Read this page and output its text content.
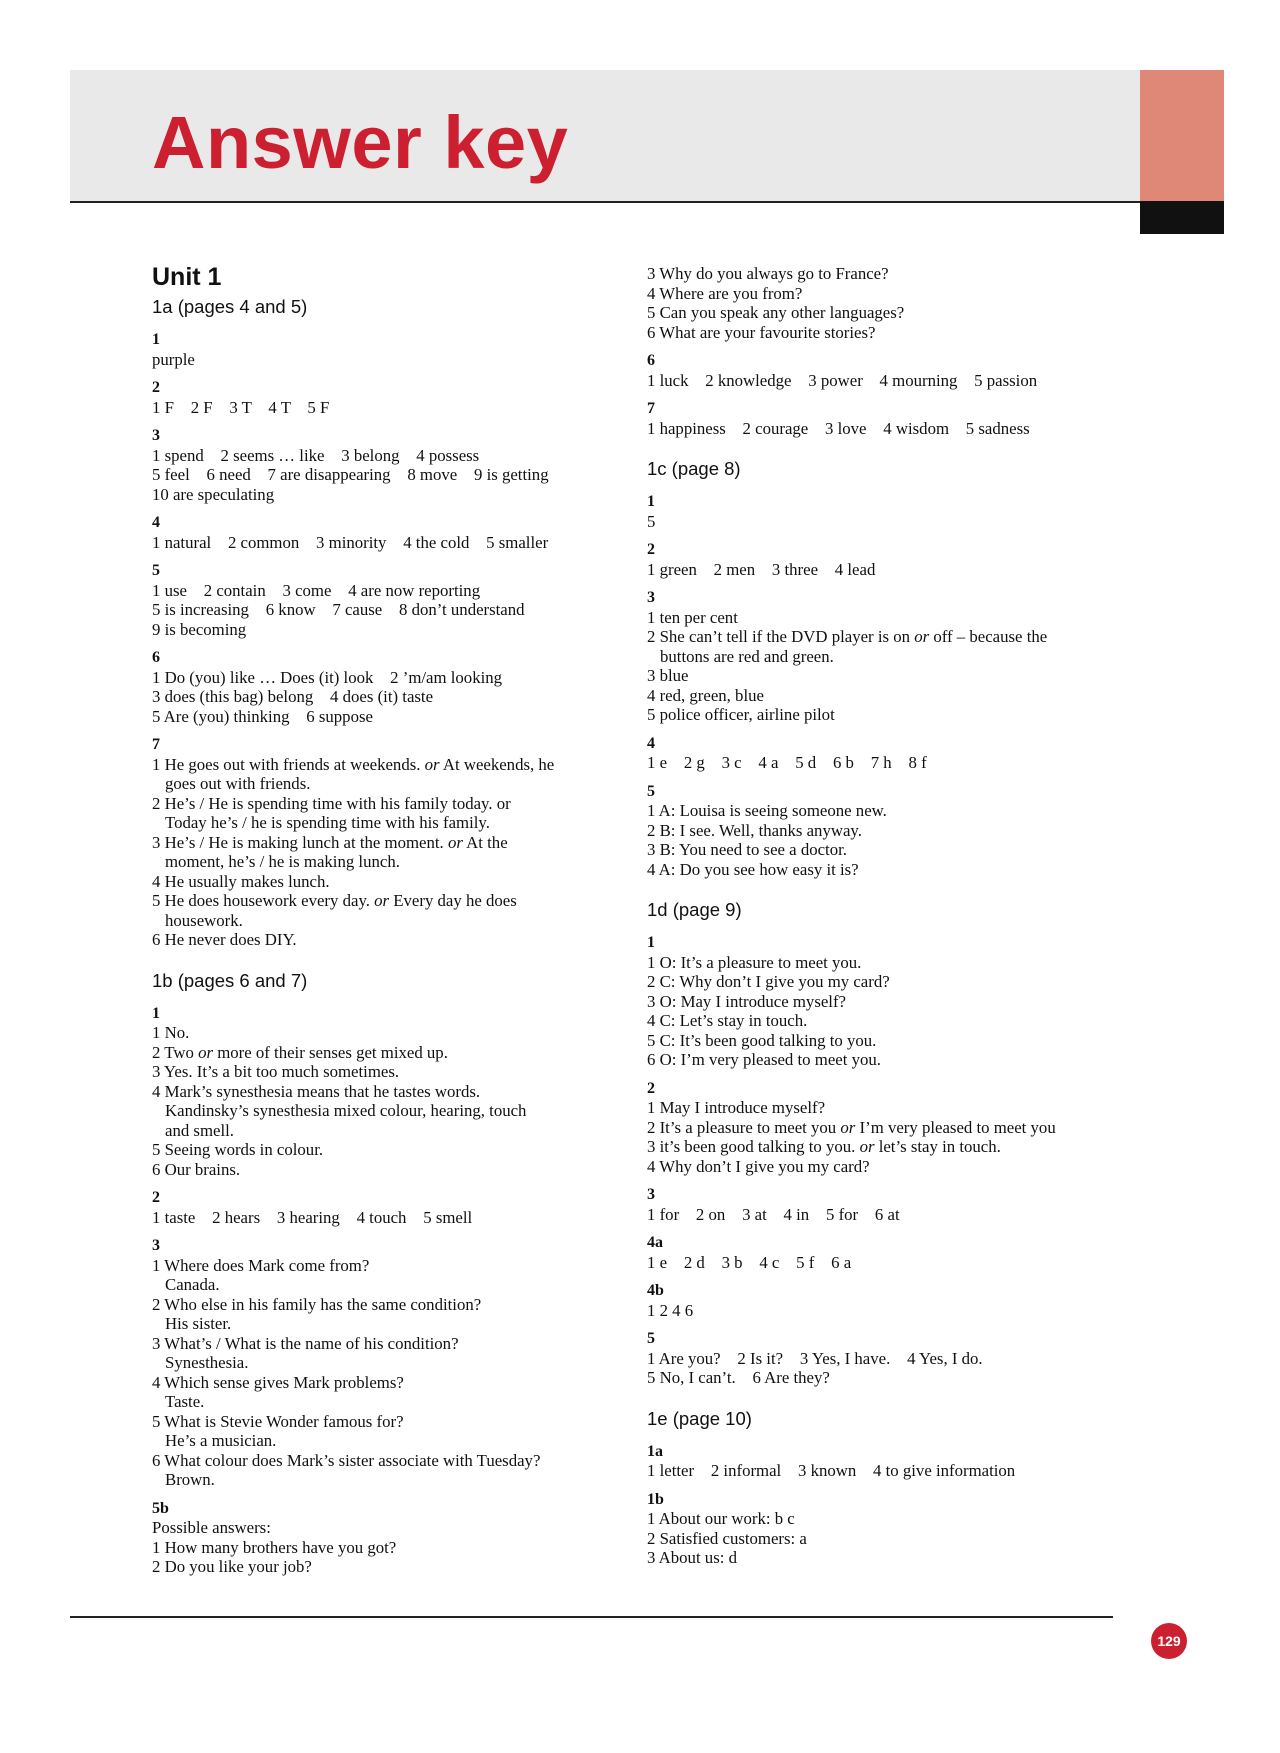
Answer key
Unit 1
1a (pages 4 and 5)
1
purple
2
1 F    2 F    3 T    4 T    5 F
3
1 spend    2 seems … like    3 belong    4 possess
5 feel    6 need    7 are disappearing    8 move    9 is getting
10 are speculating
4
1 natural    2 common    3 minority    4 the cold    5 smaller
5
1 use    2 contain    3 come    4 are now reporting
5 is increasing    6 know    7 cause    8 don’t understand
9 is becoming
6
1 Do (you) like … Does (it) look    2 ’m/am looking
3 does (this bag) belong    4 does (it) taste
5 Are (you) thinking    6 suppose
7
1 He goes out with friends at weekends. or At weekends, he
goes out with friends.
2 He’s / He is spending time with his family today. or
Today he’s / he is spending time with his family.
3 He’s / He is making lunch at the moment. or At the
moment, he’s / he is making lunch.
4 He usually makes lunch.
5 He does housework every day. or Every day he does
housework.
6 He never does DIY.
1b (pages 6 and 7)
1
1 No.
2 Two or more of their senses get mixed up.
3 Yes. It’s a bit too much sometimes.
4 Mark’s synesthesia means that he tastes words.
Kandinsky’s synesthesia mixed colour, hearing, touch
and smell.
5 Seeing words in colour.
6 Our brains.
2
1 taste    2 hears    3 hearing    4 touch    5 smell
3
1 Where does Mark come from?
Canada.
2 Who else in his family has the same condition?
His sister.
3 What’s / What is the name of his condition?
Synesthesia.
4 Which sense gives Mark problems?
Taste.
5 What is Stevie Wonder famous for?
He’s a musician.
6 What colour does Mark’s sister associate with Tuesday?
Brown.
5b
Possible answers:
1 How many brothers have you got?
2 Do you like your job?
3 Why do you always go to France?
4 Where are you from?
5 Can you speak any other languages?
6 What are your favourite stories?
6
1 luck    2 knowledge    3 power    4 mourning    5 passion
7
1 happiness    2 courage    3 love    4 wisdom    5 sadness
1c (page 8)
1
5
2
1 green    2 men    3 three    4 lead
3
1 ten per cent
2 She can’t tell if the DVD player is on or off – because the
buttons are red and green.
3 blue
4 red, green, blue
5 police officer, airline pilot
4
1 e    2 g    3 c    4 a    5 d    6 b    7 h    8 f
5
1 A: Louisa is seeing someone new.
2 B: I see. Well, thanks anyway.
3 B: You need to see a doctor.
4 A: Do you see how easy it is?
1d (page 9)
1
1 O: It’s a pleasure to meet you.
2 C: Why don’t I give you my card?
3 O: May I introduce myself?
4 C: Let’s stay in touch.
5 C: It’s been good talking to you.
6 O: I’m very pleased to meet you.
2
1 May I introduce myself?
2 It’s a pleasure to meet you or I’m very pleased to meet you
3 it’s been good talking to you. or let’s stay in touch.
4 Why don’t I give you my card?
3
1 for    2 on    3 at    4 in    5 for    6 at
4a
1 e    2 d    3 b    4 c    5 f    6 a
4b
1 2 4 6
5
1 Are you?    2 Is it?    3 Yes, I have.    4 Yes, I do.
5 No, I can’t.    6 Are they?
1e (page 10)
1a
1 letter    2 informal    3 known    4 to give information
1b
1 About our work: b c
2 Satisfied customers: a
3 About us: d
129
